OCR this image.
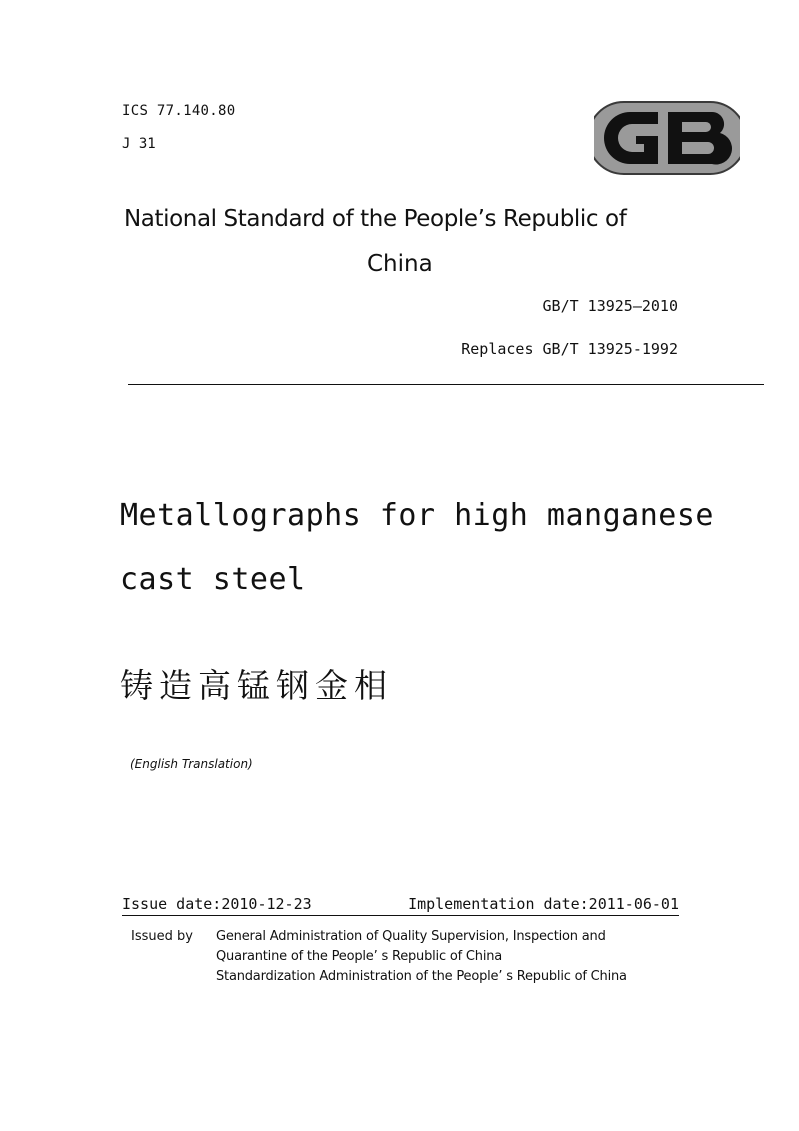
ICS 77.140.80
J 31
National Standard of the People’s Republic of
China
GB/T 13925—2010
Replaces GB/T 13925-1992
Metallographs for high manganese
cast steel
铸造高锰钢金相
(English Translation)
Issue date:2010-12-23	Implementation date:2011-06-01
Issued by General Administration of Quality Supervision, Inspection and
Quarantine of the People’ s Republic of China
Standardization Administration of the People’ s Republic of China
